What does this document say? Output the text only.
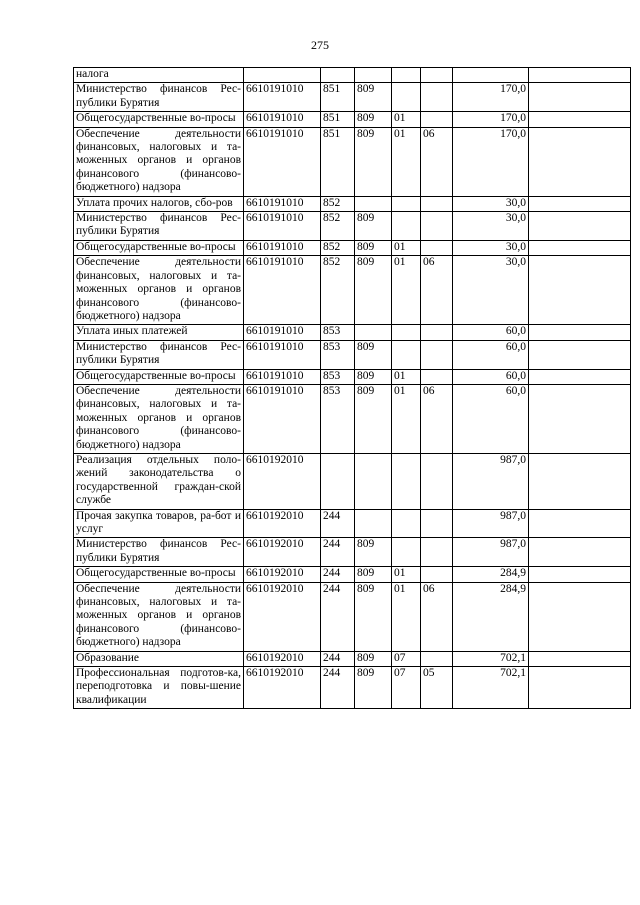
275
налога							
Министерство финансов Рес-публики Бурятия	6610191010	851	809			170,0	
Общегосударственные во-просы	6610191010	851	809	01		170,0	
Обеспечение деятельности финансовых, налоговых и та-моженных органов и органов финансового (финансово-бюджетного) надзора	6610191010	851	809	01	06	170,0	
Уплата прочих налогов, сбо-ров	6610191010	852				30,0	
Министерство финансов Рес-публики Бурятия	6610191010	852	809			30,0	
Общегосударственные во-просы	6610191010	852	809	01		30,0	
Обеспечение деятельности финансовых, налоговых и та-моженных органов и органов финансового (финансово-бюджетного) надзора	6610191010	852	809	01	06	30,0	
Уплата иных платежей	6610191010	853				60,0	
Министерство финансов Рес-публики Бурятия	6610191010	853	809			60,0	
Общегосударственные во-просы	6610191010	853	809	01		60,0	
Обеспечение деятельности финансовых, налоговых и та-моженных органов и органов финансового (финансово-бюджетного) надзора	6610191010	853	809	01	06	60,0	
Реализация отдельных поло-жений законодательства о государственной граждан-ской службе	6610192010					987,0	
Прочая закупка товаров, ра-бот и услуг	6610192010	244				987,0	
Министерство финансов Рес-публики Бурятия	6610192010	244	809			987,0	
Общегосударственные во-просы	6610192010	244	809	01		284,9	
Обеспечение деятельности финансовых, налоговых и та-моженных органов и органов финансового (финансово-бюджетного) надзора	6610192010	244	809	01	06	284,9	
Образование	6610192010	244	809	07		702,1	
Профессиональная подготов-ка, переподготовка и повы-шение квалификации	6610192010	244	809	07	05	702,1	
